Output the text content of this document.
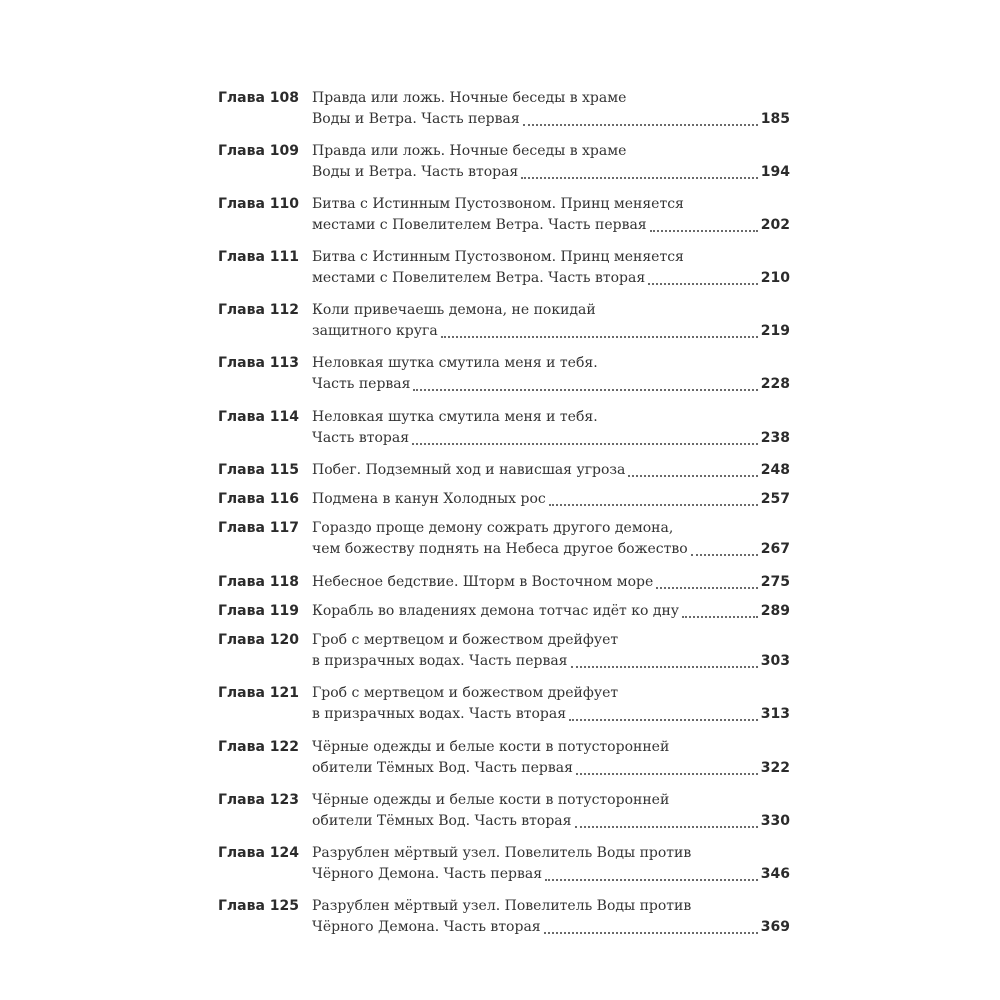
Глава 108 Правда или ложь. Ночные беседы в храме
Воды и Ветра. Часть первая	185
Глава 109 Правда или ложь. Ночные беседы в храме
Воды и Ветра. Часть вторая	194
Глава 110 Битва с Истинным Пустозвоном. Принц меняется
местами с Повелителем Ветра. Часть первая	202
Глава 111 Битва с Истинным Пустозвоном. Принц меняется
местами с Повелителем Ветра. Часть вторая	210
Глава 112 Коли привечаешь демона, не покидай
защитного круга	219
Глава 113 Неловкая шутка смутила меня и тебя.
Часть первая	228
Глава 114 Неловкая шутка смутила меня и тебя.
Часть вторая	238
Глава 115 Побег. Подземный ход и нависшая угроза	248
Глава 116 Подмена в канун Холодных рос	257
Глава 117 Гораздо проще демону сожрать другого демона,
чем божеству поднять на Небеса другое божество	267
Глава 118 Небесное бедствие. Шторм в Восточном море	275
Глава 119 Корабль во владениях демона тотчас идёт ко дну	289
Глава 120 Гроб с мертвецом и божеством дрейфует
в призрачных водах. Часть первая	303
Глава 121 Гроб с мертвецом и божеством дрейфует
в призрачных водах. Часть вторая	313
Глава 122 Чёрные одежды и белые кости в потусторонней
обители Тёмных Вод. Часть первая	322
Глава 123 Чёрные одежды и белые кости в потусторонней
обители Тёмных Вод. Часть вторая	330
Глава 124 Разрублен мёртвый узел. Повелитель Воды против
Чёрного Демона. Часть первая	346
Глава 125 Разрублен мёртвый узел. Повелитель Воды против
Чёрного Демона. Часть вторая	369
